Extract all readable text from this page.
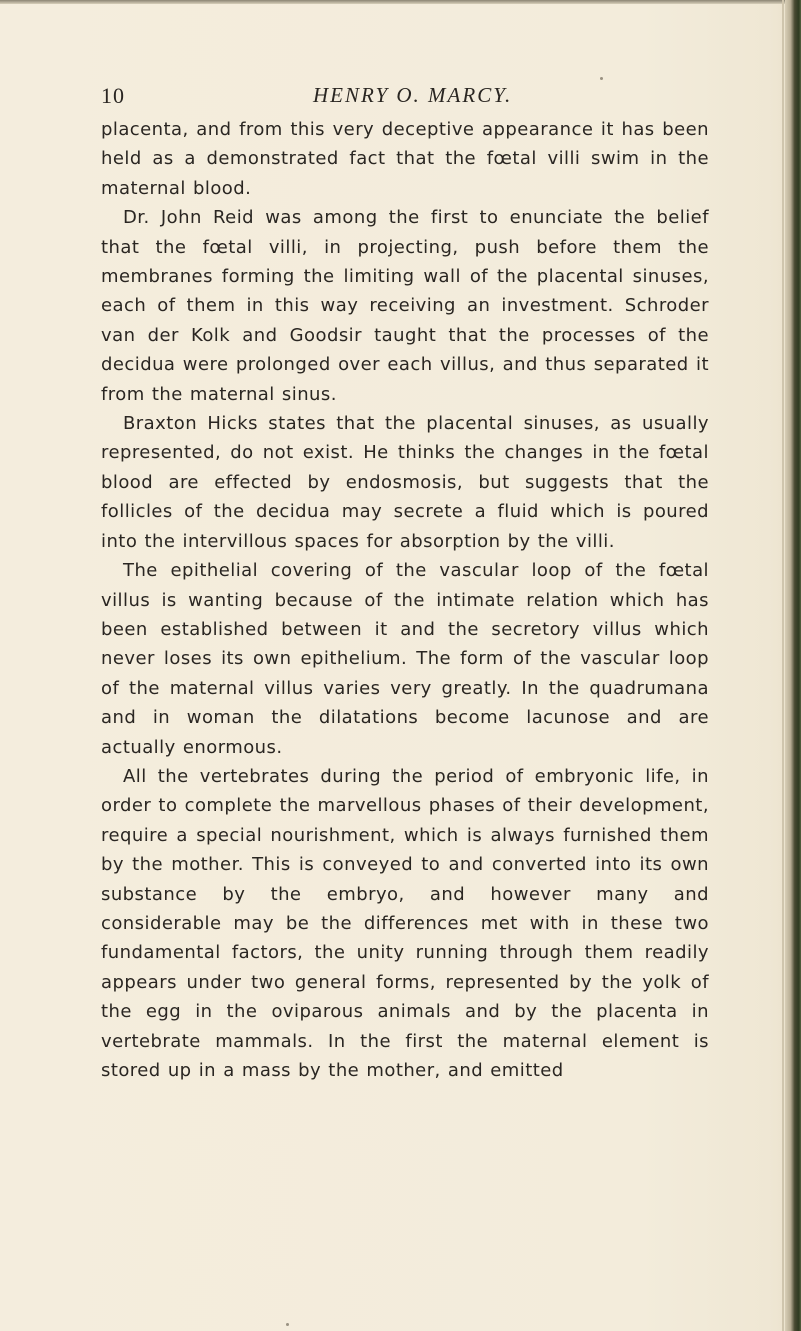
10	HENRY O. MARCY.

placenta, and from this very deceptive appearance it has been held as a demonstrated fact that the fœtal villi swim in the maternal blood.

Dr. John Reid was among the first to enunciate the belief that the fœtal villi, in projecting, push before them the membranes forming the limiting wall of the placental sinuses, each of them in this way receiving an investment. Schroder van der Kolk and Goodsir taught that the processes of the decidua were prolonged over each villus, and thus separated it from the maternal sinus.

Braxton Hicks states that the placental sinuses, as usually represented, do not exist. He thinks the changes in the fœtal blood are effected by endosmosis, but suggests that the follicles of the decidua may secrete a fluid which is poured into the intervillous spaces for absorption by the villi.

The epithelial covering of the vascular loop of the fœtal villus is wanting because of the intimate relation which has been established between it and the secretory villus which never loses its own epithelium. The form of the vascular loop of the maternal villus varies very greatly. In the quadrumana and in woman the dilatations become lacunose and are actually enormous.

All the vertebrates during the period of embryonic life, in order to complete the marvellous phases of their development, require a special nourishment, which is always furnished them by the mother. This is conveyed to and converted into its own substance by the embryo, and however many and considerable may be the differences met with in these two fundamental factors, the unity running through them readily appears under two general forms, represented by the yolk of the egg in the oviparous animals and by the placenta in vertebrate mammals. In the first the maternal element is stored up in a mass by the mother, and emitted
